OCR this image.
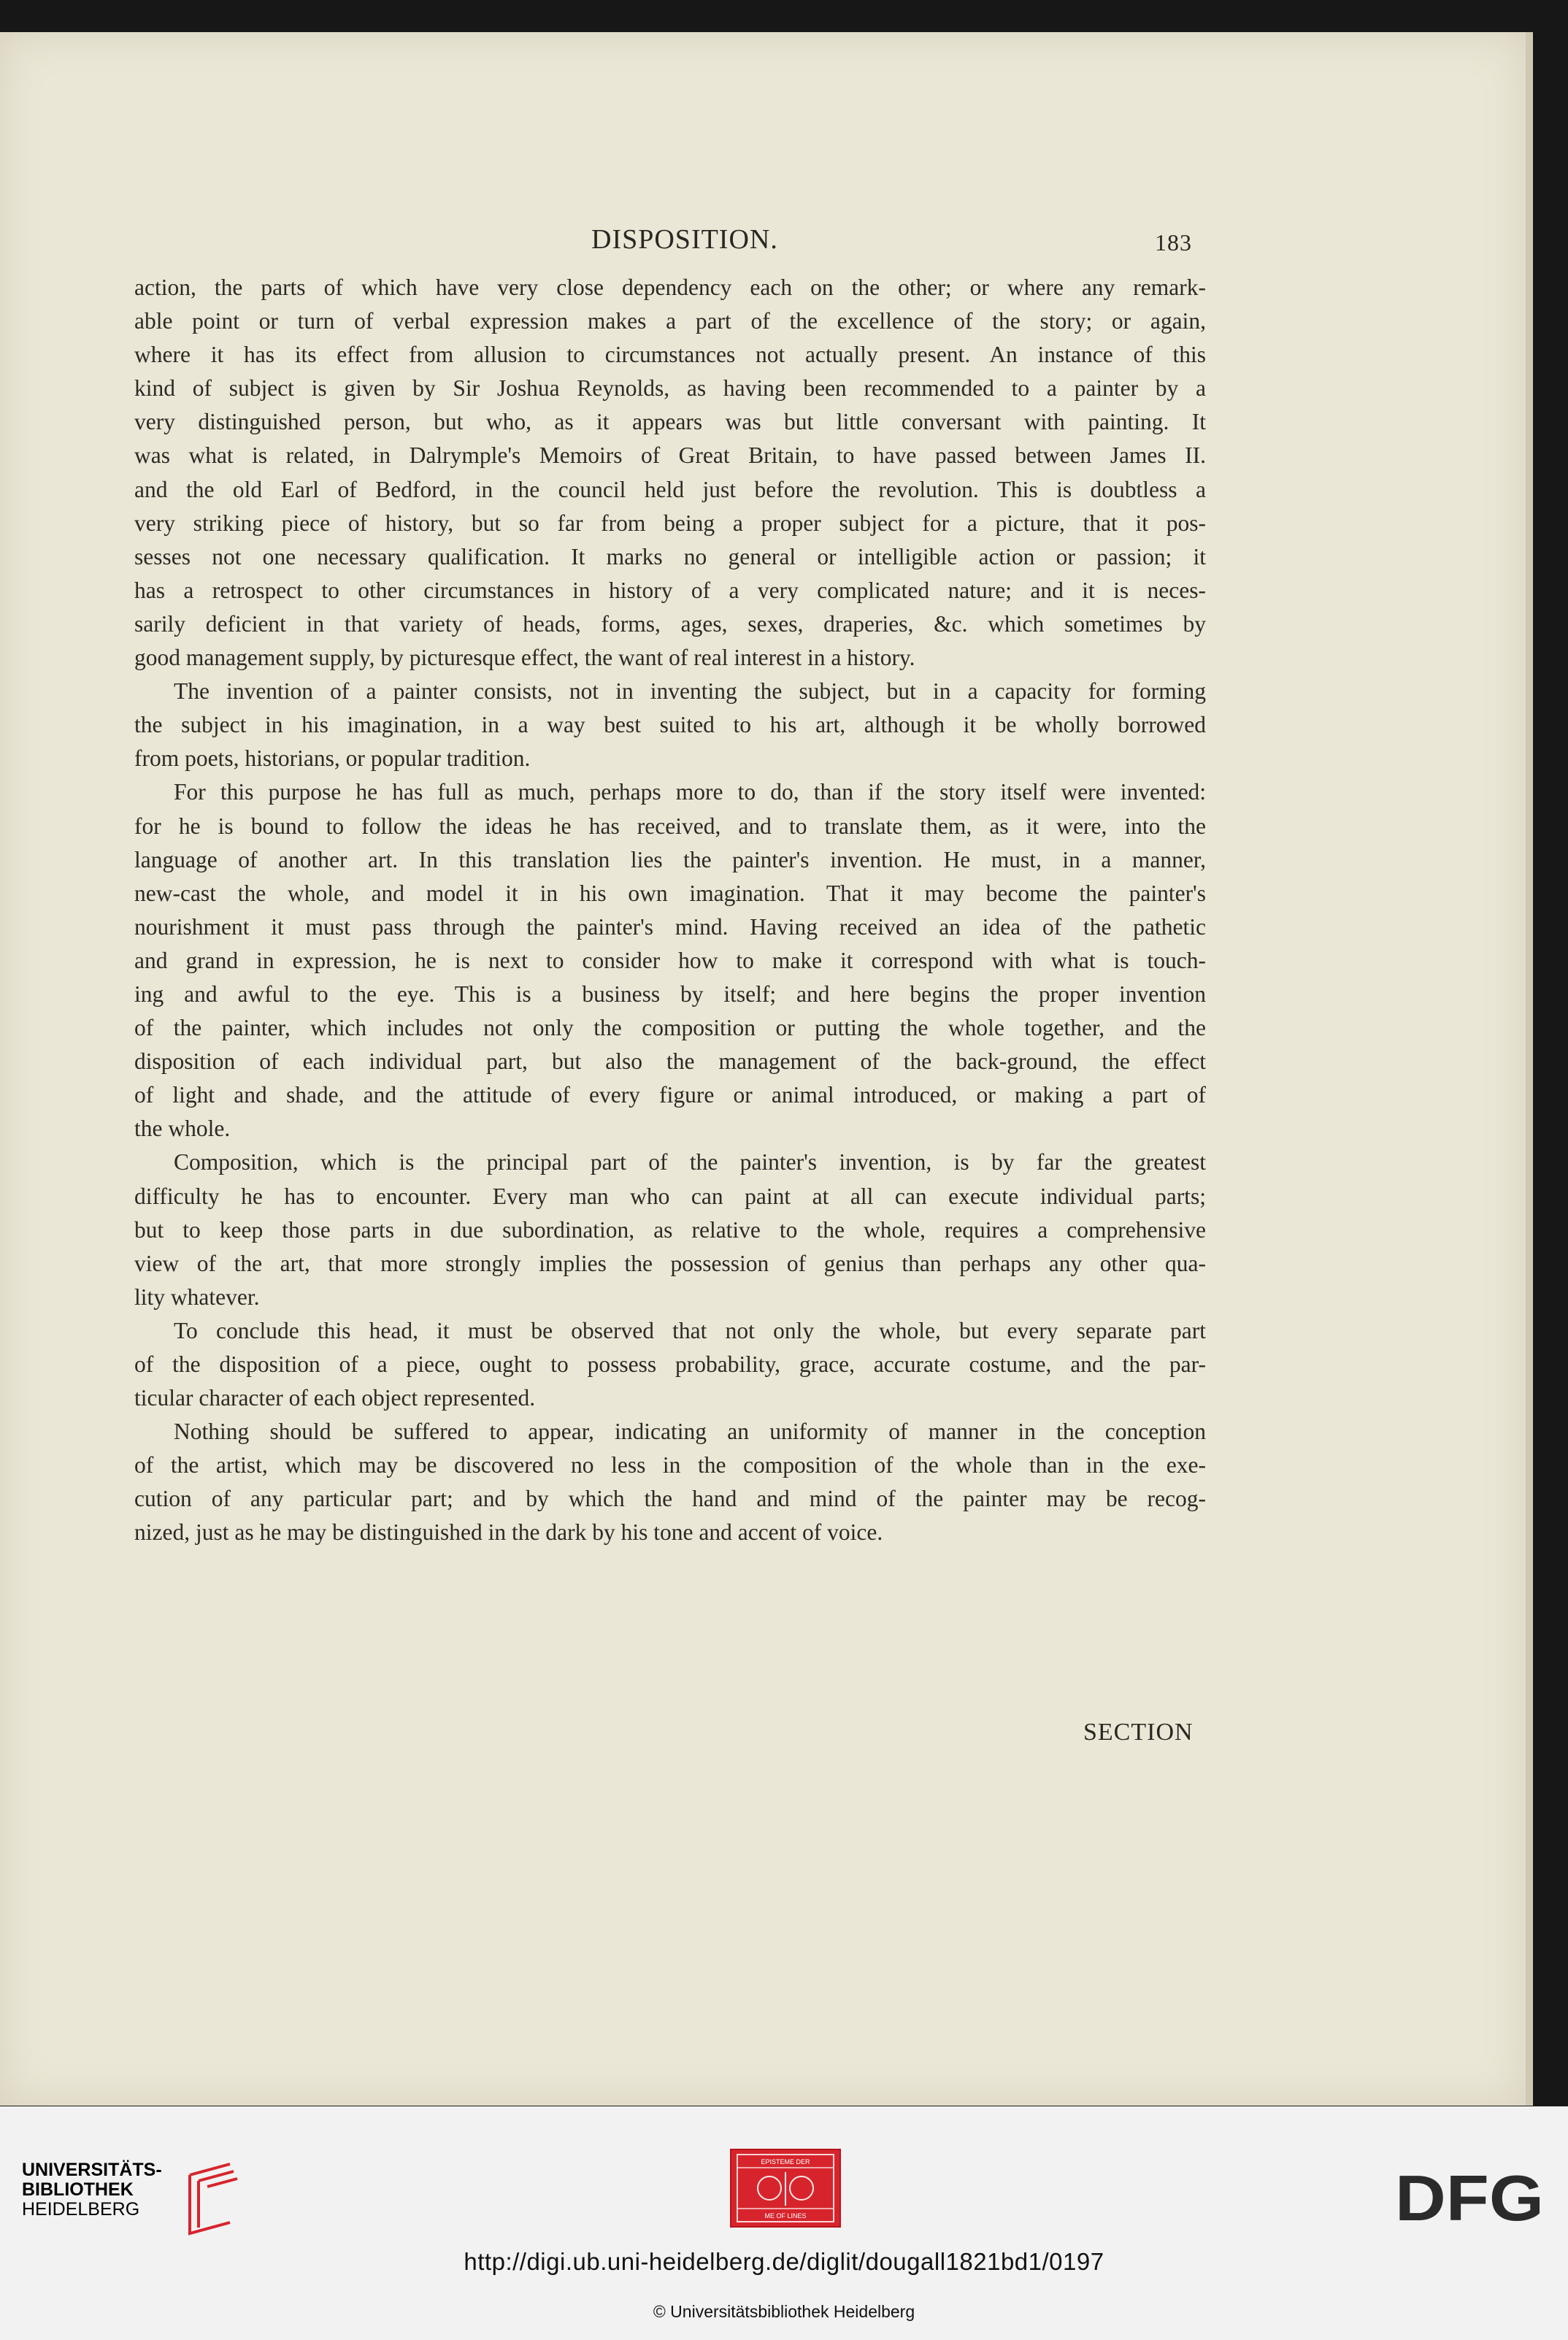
DISPOSITION.	183
action, the parts of which have very close dependency each on the other; or where any remark-
able point or turn of verbal expression makes a part of the excellence of the story; or again,
where it has its effect from allusion to circumstances not actually present. An instance of this
kind of subject is given by Sir Joshua Reynolds, as having been recommended to a painter by a
very distinguished person, but who, as it appears was but little conversant with painting. It
was what is related, in Dalrymple's Memoirs of Great Britain, to have passed between James II.
and the old Earl of Bedford, in the council held just before the revolution. This is doubtless a
very striking piece of history, but so far from being a proper subject for a picture, that it pos-
sesses not one necessary qualification. It marks no general or intelligible action or passion; it
has a retrospect to other circumstances in history of a very complicated nature; and it is neces-
sarily deficient in that variety of heads, forms, ages, sexes, draperies, &c. which sometimes by
good management supply, by picturesque effect, the want of real interest in a history.
The invention of a painter consists, not in inventing the subject, but in a capacity for forming
the subject in his imagination, in a way best suited to his art, although it be wholly borrowed
from poets, historians, or popular tradition.
For this purpose he has full as much, perhaps more to do, than if the story itself were invented:
for he is bound to follow the ideas he has received, and to translate them, as it were, into the
language of another art. In this translation lies the painter's invention. He must, in a manner,
new-cast the whole, and model it in his own imagination. That it may become the painter's
nourishment it must pass through the painter's mind. Having received an idea of the pathetic
and grand in expression, he is next to consider how to make it correspond with what is touch-
ing and awful to the eye. This is a business by itself; and here begins the proper invention
of the painter, which includes not only the composition or putting the whole together, and the
disposition of each individual part, but also the management of the back-ground, the effect
of light and shade, and the attitude of every figure or animal introduced, or making a part of
the whole.
Composition, which is the principal part of the painter's invention, is by far the greatest
difficulty he has to encounter. Every man who can paint at all can execute individual parts;
but to keep those parts in due subordination, as relative to the whole, requires a comprehensive
view of the art, that more strongly implies the possession of genius than perhaps any other qua-
lity whatever.
To conclude this head, it must be observed that not only the whole, but every separate part
of the disposition of a piece, ought to possess probability, grace, accurate costume, and the par-
ticular character of each object represented.
Nothing should be suffered to appear, indicating an uniformity of manner in the conception
of the artist, which may be discovered no less in the composition of the whole than in the exe-
cution of any particular part; and by which the hand and mind of the painter may be recog-
nized, just as he may be distinguished in the dark by his tone and accent of voice.
SECTION
UNIVERSITÄTS-
BIBLIOTHEK
HEIDELBERG
EPISTEME DER
ME OF LINES	DFG
http://digi.ub.uni-heidelberg.de/diglit/dougall1821bd1/0197
© Universitätsbibliothek Heidelberg
